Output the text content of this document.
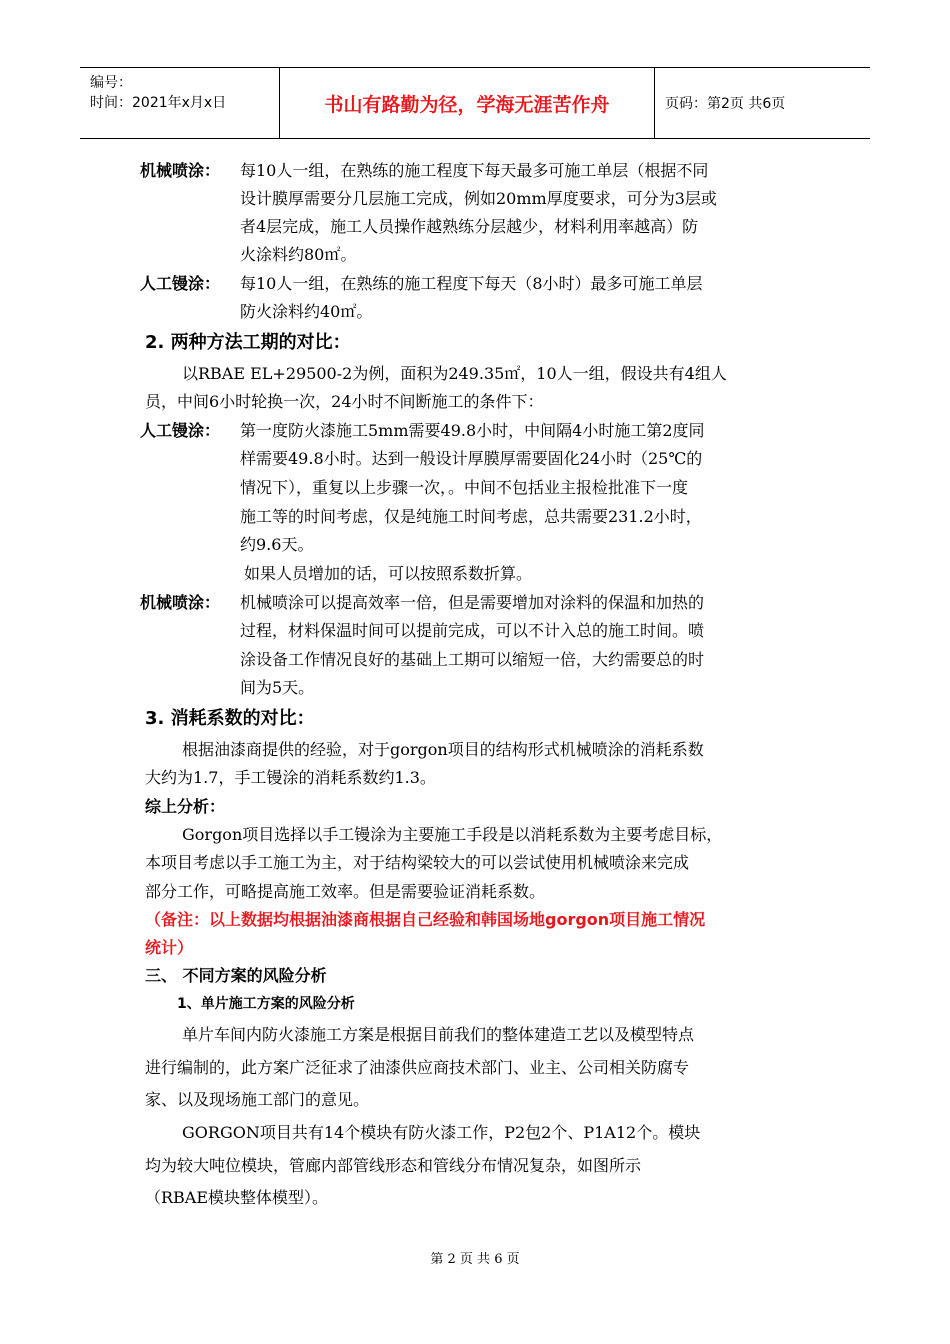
编号：
时间：2021年x月x日	书山有路勤为径，学海无涯苦作舟	页码：第2页 共6页
机械喷涂： 每10人一组，在熟练的施工程度下每天最多可施工单层（根据不同
设计膜厚需要分几层施工完成，例如20mm厚度要求，可分为3层或
者4层完成，施工人员操作越熟练分层越少，材料利用率越高）防
火涂料约80㎡。
人工镘涂： 每10人一组，在熟练的施工程度下每天（8小时）最多可施工单层
防火涂料约40㎡。
2. 两种方法工期的对比：
以RBAE EL+29500-2为例，面积为249.35㎡，10人一组，假设共有4组人
员，中间6小时轮换一次，24小时不间断施工的条件下：
人工镘涂： 第一度防火漆施工5mm需要49.8小时，中间隔4小时施工第2度同
样需要49.8小时。达到一般设计厚膜厚需要固化24小时（25℃的
情况下），重复以上步骤一次，。中间不包括业主报检批准下一度
施工等的时间考虑，仅是纯施工时间考虑，总共需要231.2小时，
约9.6天。
如果人员增加的话，可以按照系数折算。
机械喷涂： 机械喷涂可以提高效率一倍，但是需要增加对涂料的保温和加热的
过程，材料保温时间可以提前完成，可以不计入总的施工时间。喷
涂设备工作情况良好的基础上工期可以缩短一倍，大约需要总的时
间为5天。
3. 消耗系数的对比：
根据油漆商提供的经验，对于gorgon项目的结构形式机械喷涂的消耗系数
大约为1.7，手工镘涂的消耗系数约1.3。
综上分析：
Gorgon项目选择以手工镘涂为主要施工手段是以消耗系数为主要考虑目标，
本项目考虑以手工施工为主，对于结构梁较大的可以尝试使用机械喷涂来完成
部分工作，可略提高施工效率。但是需要验证消耗系数。
（备注：以上数据均根据油漆商根据自己经验和韩国场地gorgon项目施工情况
统计）
三、 不同方案的风险分析
1、单片施工方案的风险分析
单片车间内防火漆施工方案是根据目前我们的整体建造工艺以及模型特点
进行编制的，此方案广泛征求了油漆供应商技术部门、业主、公司相关防腐专
家、以及现场施工部门的意见。
GORGON项目共有14个模块有防火漆工作，P2包2个、P1A12个。模块
均为较大吨位模块，管廊内部管线形态和管线分布情况复杂，如图所示
（RBAE模块整体模型）。
第 2 页 共 6 页
